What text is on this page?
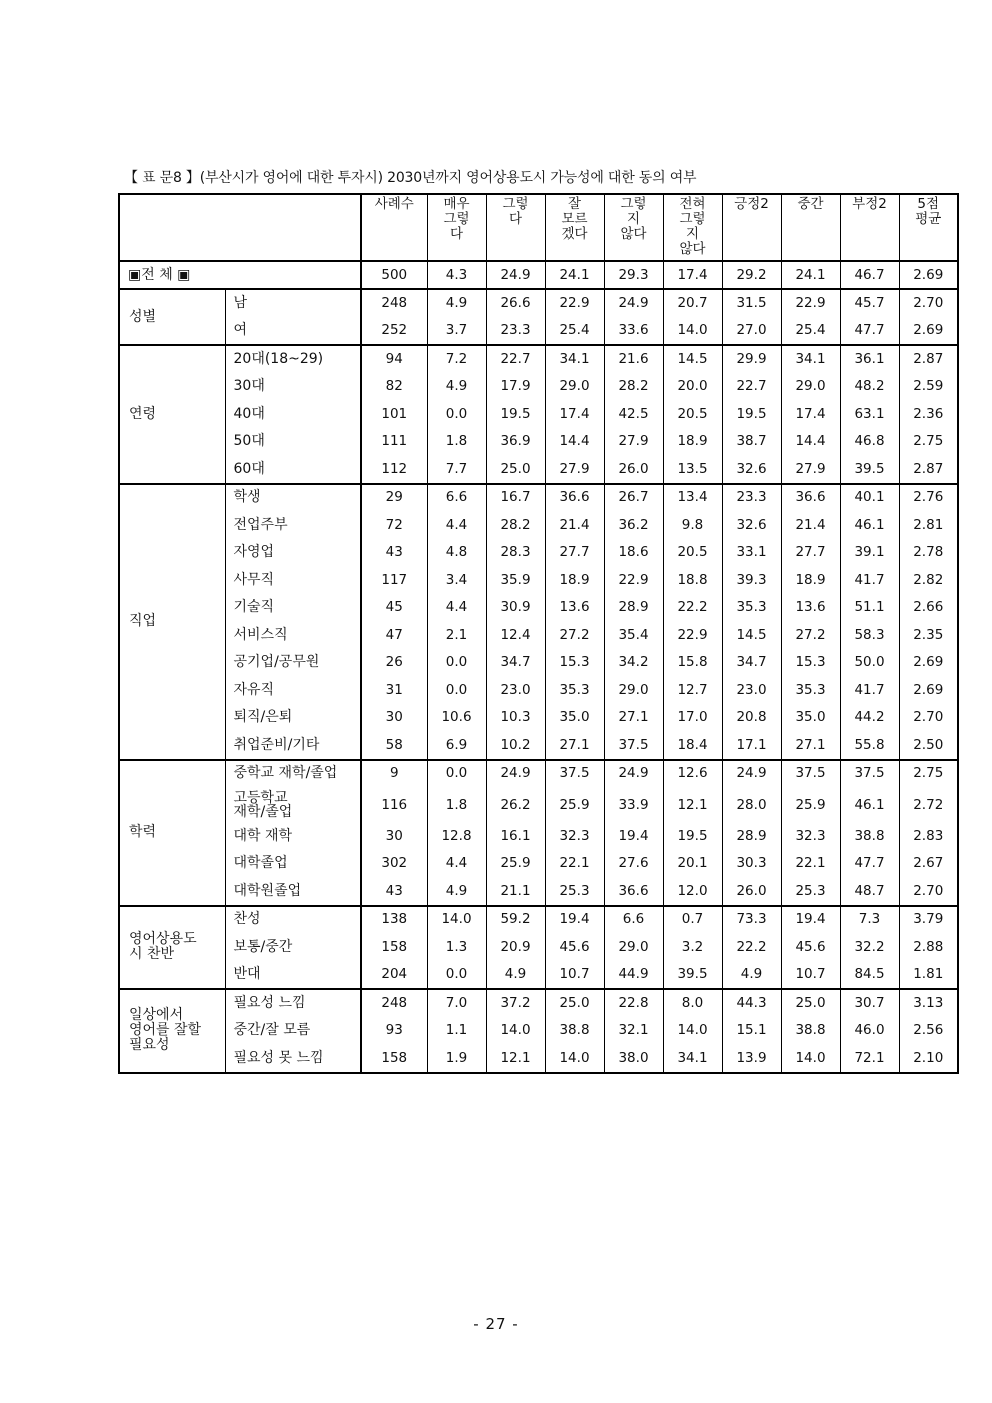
【 표 문8 】(부산시가 영어에 대한 투자시) 2030년까지 영어상용도시 가능성에 대한 동의 여부
		사례수	매우
그렇
다	그렇
다	잘
모르
겠다	그렇
지
않다	전혀
그렇
지
않다	긍정2	중간	부정2	5점
평균
▣전 체 ▣		500	4.3	24.9	24.1	29.3	17.4	29.2	24.1	46.7	2.69
성별	남	248	4.9	26.6	22.9	24.9	20.7	31.5	22.9	45.7	2.70
	여	252	3.7	23.3	25.4	33.6	14.0	27.0	25.4	47.7	2.69
연령	20대(18~29)	94	7.2	22.7	34.1	21.6	14.5	29.9	34.1	36.1	2.87
	30대	82	4.9	17.9	29.0	28.2	20.0	22.7	29.0	48.2	2.59
	40대	101	0.0	19.5	17.4	42.5	20.5	19.5	17.4	63.1	2.36
	50대	111	1.8	36.9	14.4	27.9	18.9	38.7	14.4	46.8	2.75
	60대	112	7.7	25.0	27.9	26.0	13.5	32.6	27.9	39.5	2.87
직업	학생	29	6.6	16.7	36.6	26.7	13.4	23.3	36.6	40.1	2.76
	전업주부	72	4.4	28.2	21.4	36.2	9.8	32.6	21.4	46.1	2.81
	자영업	43	4.8	28.3	27.7	18.6	20.5	33.1	27.7	39.1	2.78
	사무직	117	3.4	35.9	18.9	22.9	18.8	39.3	18.9	41.7	2.82
	기술직	45	4.4	30.9	13.6	28.9	22.2	35.3	13.6	51.1	2.66
	서비스직	47	2.1	12.4	27.2	35.4	22.9	14.5	27.2	58.3	2.35
	공기업/공무원	26	0.0	34.7	15.3	34.2	15.8	34.7	15.3	50.0	2.69
	자유직	31	0.0	23.0	35.3	29.0	12.7	23.0	35.3	41.7	2.69
	퇴직/은퇴	30	10.6	10.3	35.0	27.1	17.0	20.8	35.0	44.2	2.70
	취업준비/기타	58	6.9	10.2	27.1	37.5	18.4	17.1	27.1	55.8	2.50
학력	중학교 재학/졸업	9	0.0	24.9	37.5	24.9	12.6	24.9	37.5	37.5	2.75
	고등학교
재학/졸업	116	1.8	26.2	25.9	33.9	12.1	28.0	25.9	46.1	2.72
	대학 재학	30	12.8	16.1	32.3	19.4	19.5	28.9	32.3	38.8	2.83
	대학졸업	302	4.4	25.9	22.1	27.6	20.1	30.3	22.1	47.7	2.67
	대학원졸업	43	4.9	21.1	25.3	36.6	12.0	26.0	25.3	48.7	2.70
영어상용도
시 찬반	찬성	138	14.0	59.2	19.4	6.6	0.7	73.3	19.4	7.3	3.79
	보통/중간	158	1.3	20.9	45.6	29.0	3.2	22.2	45.6	32.2	2.88
	반대	204	0.0	4.9	10.7	44.9	39.5	4.9	10.7	84.5	1.81
일상에서
영어를 잘할
필요성	필요성 느낌	248	7.0	37.2	25.0	22.8	8.0	44.3	25.0	30.7	3.13
	중간/잘 모름	93	1.1	14.0	38.8	32.1	14.0	15.1	38.8	46.0	2.56
	필요성 못 느낌	158	1.9	12.1	14.0	38.0	34.1	13.9	14.0	72.1	2.10
- 27 -
